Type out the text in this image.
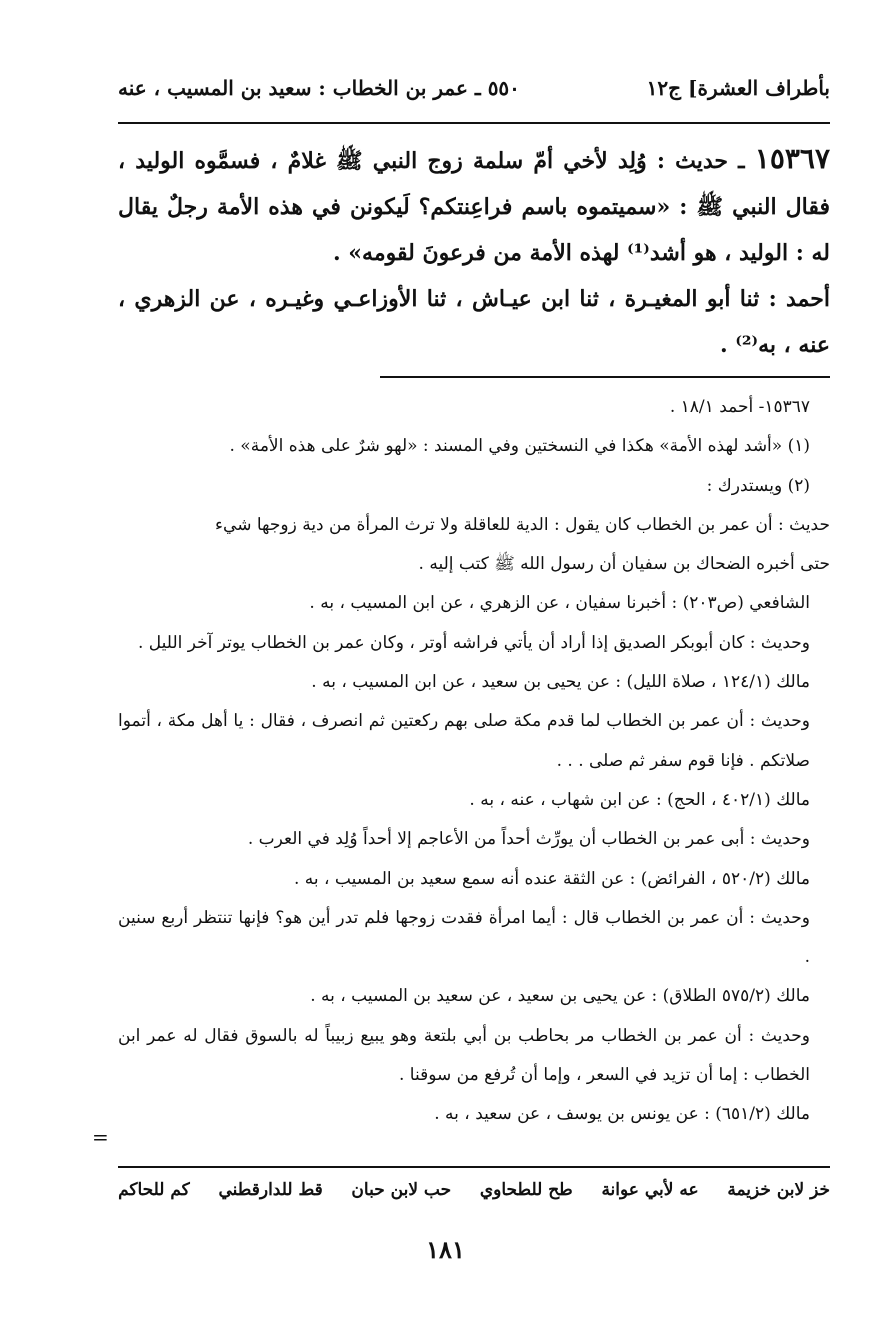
بأطراف العشرة] ج١٢
٥٥٠ ـ عمر بن الخطاب : سعيد بن المسيب ، عنه

١٥٣٦٧ ـ حديث : وُلِد لأخي أمّ سلمة زوج النبي ﷺ غلامٌ ، فسمَّوه الوليد ، فقال النبي ﷺ : «سميتموه باسم فراعِنتكم؟ لَيكونن في هذه الأمة رجلٌ يقال له : الوليد ، هو أشد⁽¹⁾ لهذه الأمة من فرعونَ لقومه» .

أحمد : ثنا أبو المغيـرة ، ثنا ابن عيـاش ، ثنا الأوزاعـي وغيـره ، عن الزهري ، عنه ، به⁽²⁾ .

١٥٣٦٧- أحمد ١٨/١ .

(١) «أشد لهذه الأمة» هكذا في النسختين وفي المسند : «لهو شرٌ على هذه الأمة» .

(٢) ويستدرك :

حديث : أن عمر بن الخطاب كان يقول : الدية للعاقلة ولا ترث المرأة من دية زوجها شيء

حتى أخبره الضحاك بن سفيان أن رسول الله ﷺ كتب إليه .

الشافعي (ص٢٠٣) : أخبرنا سفيان ، عن الزهري ، عن ابن المسيب ، به .

وحديث : كان أبوبكر الصديق إذا أراد أن يأتي فراشه أوتر ، وكان عمر بن الخطاب يوتر آخر الليل .

مالك (١٢٤/١ ، صلاة الليل) : عن يحيى بن سعيد ، عن ابن المسيب ، به .

وحديث : أن عمر بن الخطاب لما قدم مكة صلى بهم ركعتين ثم انصرف ، فقال : يا أهل مكة ، أتموا صلاتكم . فإنا قوم سفر ثم صلى . . .

مالك (٤٠٢/١ ، الحج) : عن ابن شهاب ، عنه ، به .

وحديث : أبى عمر بن الخطاب أن يورِّث أحداً من الأعاجم إلا أحداً وُلِد في العرب .

مالك (٥٢٠/٢ ، الفرائض) : عن الثقة عنده أنه سمع سعيد بن المسيب ، به .

وحديث : أن عمر بن الخطاب قال : أيما امرأة فقدت زوجها فلم تدر أين هو؟ فإنها تنتظر أربع سنين .

مالك (٥٧٥/٢ الطلاق) : عن يحيى بن سعيد ، عن سعيد بن المسيب ، به .

وحديث : أن عمر بن الخطاب مر بحاطب بن أبي بلتعة وهو يبيع زبيباً له بالسوق فقال له عمر ابن الخطاب : إما أن تزيد في السعر ، وإما أن تُرفع من سوقنا .

مالك (٦٥١/٢) : عن يونس بن يوسف ، عن سعيد ، به .

=
خز لابن خزيمة
عه لأبي عوانة
طح للطحاوي
حب لابن حبان
قط للدارقطني
كم للحاكم
١٨١
